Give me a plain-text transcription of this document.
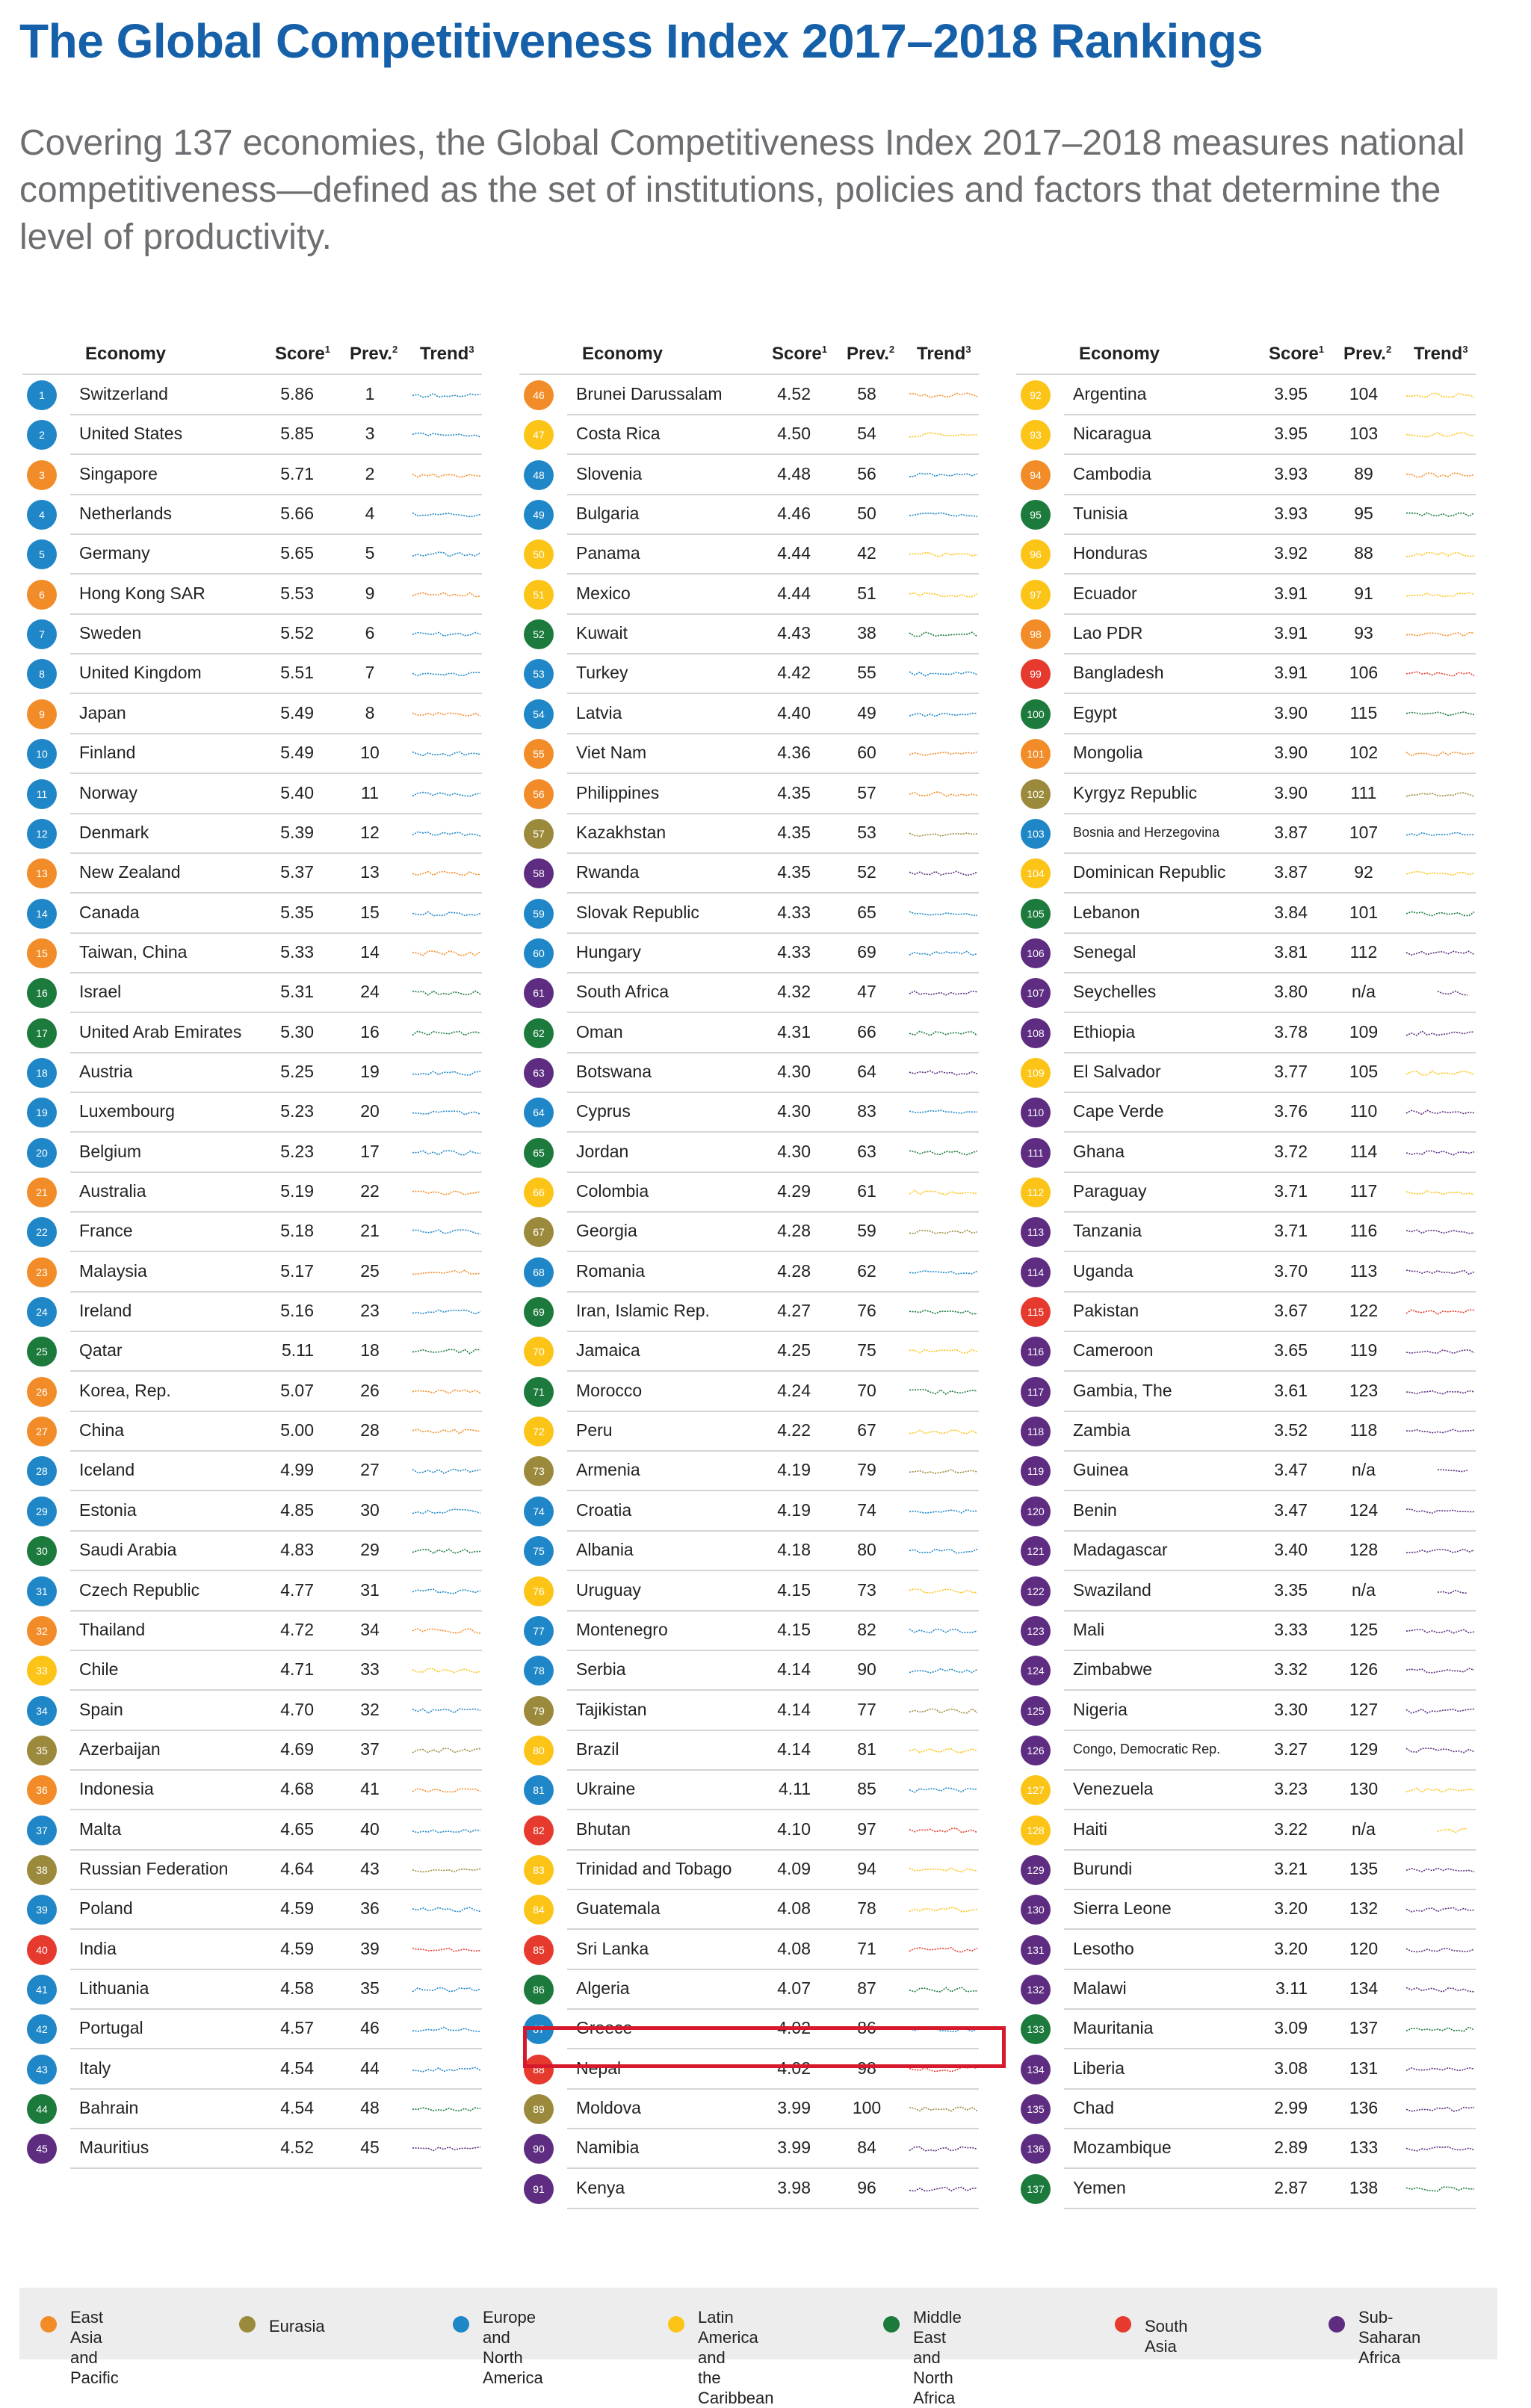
The Global Competitiveness Index 2017–2018 Rankings
Covering 137 economies, the Global Competitiveness Index 2017–2018 measures national competitiveness—defined as the set of institutions, policies and factors that determine the level of productivity.
Economy	Score$^1$ Prev.$^2$ Trend$^3$
1	Switzerland	5.86	1
2	United States	5.85	3
3	Singapore	5.71	2
4	Netherlands	5.66	4
5	Germany	5.65	5
6	Hong Kong SAR	5.53	9
7	Sweden	5.52	6
8	United Kingdom	5.51	7
9	Japan	5.49	8
10	Finland	5.49	10
11	Norway	5.40	11
12	Denmark	5.39	12
13	New Zealand	5.37	13
14	Canada	5.35	15
15	Taiwan, China	5.33	14
16	Israel	5.31	24
17	United Arab Emirates	5.30	16
18	Austria	5.25	19
19	Luxembourg	5.23	20
20	Belgium	5.23	17
21	Australia	5.19	22
22	France	5.18	21
23	Malaysia	5.17	25
24	Ireland	5.16	23
25	Qatar	5.11	18
26	Korea, Rep.	5.07	26
27	China	5.00	28
28	Iceland	4.99	27
29	Estonia	4.85	30
30	Saudi Arabia	4.83	29
31	Czech Republic	4.77	31
32	Thailand	4.72	34
33	Chile	4.71	33
34	Spain	4.70	32
35	Azerbaijan	4.69	37
36	Indonesia	4.68	41
37	Malta	4.65	40
38	Russian Federation	4.64	43
39	Poland	4.59	36
40	India	4.59	39
41	Lithuania	4.58	35
42	Portugal	4.57	46
43	Italy	4.54	44
44	Bahrain	4.54	48
45	Mauritius	4.52	45
Economy	Score$^1$ Prev.$^2$ Trend$^3$
46	Brunei Darussalam	4.52	58
47	Costa Rica	4.50	54
48	Slovenia	4.48	56
49	Bulgaria	4.46	50
50	Panama	4.44	42
51	Mexico	4.44	51
52	Kuwait	4.43	38
53	Turkey	4.42	55
54	Latvia	4.40	49
55	Viet Nam	4.36	60
56	Philippines	4.35	57
57	Kazakhstan	4.35	53
58	Rwanda	4.35	52
59	Slovak Republic	4.33	65
60	Hungary	4.33	69
61	South Africa	4.32	47
62	Oman	4.31	66
63	Botswana	4.30	64
64	Cyprus	4.30	83
65	Jordan	4.30	63
66	Colombia	4.29	61
67	Georgia	4.28	59
68	Romania	4.28	62
69	Iran, Islamic Rep.	4.27	76
70	Jamaica	4.25	75
71	Morocco	4.24	70
72	Peru	4.22	67
73	Armenia	4.19	79
74	Croatia	4.19	74
75	Albania	4.18	80
76	Uruguay	4.15	73
77	Montenegro	4.15	82
78	Serbia	4.14	90
79	Tajikistan	4.14	77
80	Brazil	4.14	81
81	Ukraine	4.11	85
82	Bhutan	4.10	97
83	Trinidad and Tobago	4.09	94
84	Guatemala	4.08	78
85	Sri Lanka	4.08	71
86	Algeria	4.07	87
87	Greece	4.02	86
88	Nepal	4.02	98
89	Moldova	3.99	100
90	Namibia	3.99	84
91	Kenya	3.98	96
Economy	Score$^1$ Prev.$^2$ Trend$^3$
92	Argentina	3.95	104
93	Nicaragua	3.95	103
94	Cambodia	3.93	89
95	Tunisia	3.93	95
96	Honduras	3.92	88
97	Ecuador	3.91	91
98	Lao PDR	3.91	93
99	Bangladesh	3.91	106
100	Egypt	3.90	115
101	Mongolia	3.90	102
102	Kyrgyz Republic	3.90	111
103	Bosnia and Herzegovina	3.87	107
104	Dominican Republic	3.87	92
105	Lebanon	3.84	101
106	Senegal	3.81	112
107	Seychelles	3.80	n/a
108	Ethiopia	3.78	109
109	El Salvador	3.77	105
110	Cape Verde	3.76	110
111	Ghana	3.72	114
112	Paraguay	3.71	117
113	Tanzania	3.71	116
114	Uganda	3.70	113
115	Pakistan	3.67	122
116	Cameroon	3.65	119
117	Gambia, The	3.61	123
118	Zambia	3.52	118
119	Guinea	3.47	n/a
120	Benin	3.47	124
121	Madagascar	3.40	128
122	Swaziland	3.35	n/a
123	Mali	3.33	125
124	Zimbabwe	3.32	126
125	Nigeria	3.30	127
126	Congo, Democratic Rep.	3.27	129
127	Venezuela	3.23	130
128	Haiti	3.22	n/a
129	Burundi	3.21	135
130	Sierra Leone	3.20	132
131	Lesotho	3.20	120
132	Malawi	3.11	134
133	Mauritania	3.09	137
134	Liberia	3.08	131
135	Chad	2.99	136
136	Mozambique	2.89	133
137	Yemen	2.87	138
East Asia and
Pacific
Eurasia	Europe and
North America
Latin America and
the Caribbean
Middle East and
North Africa
South Asia
Sub-Saharan
Africa
